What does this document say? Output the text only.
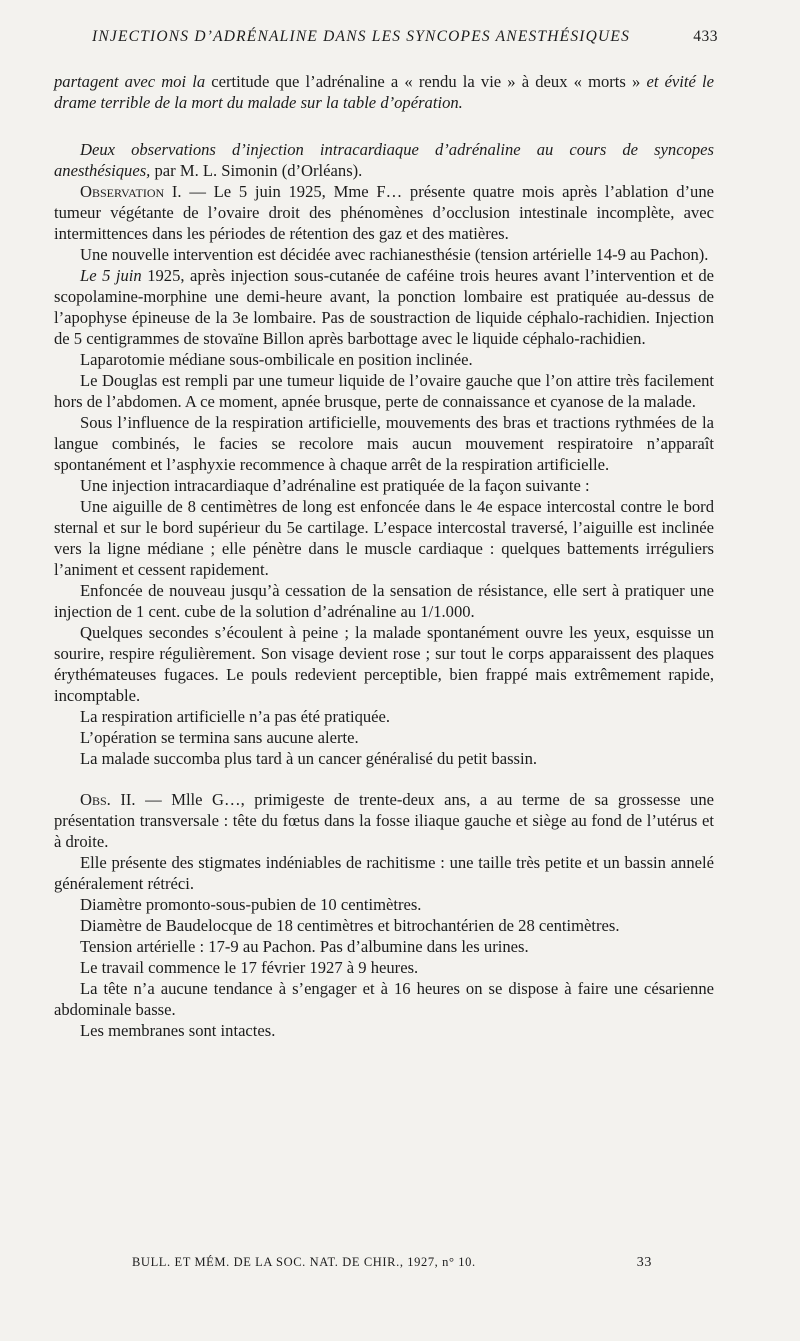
INJECTIONS D’ADRÉNALINE DANS LES SYNCOPES ANESTHÉSIQUES	433

partagent avec moi la certitude que l’adrénaline a « rendu la vie » à deux « morts » et évité le drame terrible de la mort du malade sur la table d’opération.

Deux observations d’injection intracardiaque d’adrénaline au cours de syncopes anesthésiques, par M. L. Simonin (d’Orléans).

Observation I. — Le 5 juin 1925, Mme F… présente quatre mois après l’ablation d’une tumeur végétante de l’ovaire droit des phénomènes d’occlusion intestinale incomplète, avec intermittences dans les périodes de rétention des gaz et des matières.

Une nouvelle intervention est décidée avec rachianesthésie (tension artérielle 14-9 au Pachon).

Le 5 juin 1925, après injection sous-cutanée de caféine trois heures avant l’intervention et de scopolamine-morphine une demi-heure avant, la ponction lombaire est pratiquée au-dessus de l’apophyse épineuse de la 3e lombaire. Pas de soustraction de liquide céphalo-rachidien. Injection de 5 centigrammes de stovaïne Billon après barbottage avec le liquide céphalo-rachidien.

Laparotomie médiane sous-ombilicale en position inclinée.

Le Douglas est rempli par une tumeur liquide de l’ovaire gauche que l’on attire très facilement hors de l’abdomen. A ce moment, apnée brusque, perte de connaissance et cyanose de la malade.

Sous l’influence de la respiration artificielle, mouvements des bras et tractions rythmées de la langue combinés, le facies se recolore mais aucun mouvement respiratoire n’apparaît spontanément et l’asphyxie recommence à chaque arrêt de la respiration artificielle.

Une injection intracardiaque d’adrénaline est pratiquée de la façon suivante :

Une aiguille de 8 centimètres de long est enfoncée dans le 4e espace intercostal contre le bord sternal et sur le bord supérieur du 5e cartilage. L’espace intercostal traversé, l’aiguille est inclinée vers la ligne médiane ; elle pénètre dans le muscle cardiaque : quelques battements irréguliers l’animent et cessent rapidement.

Enfoncée de nouveau jusqu’à cessation de la sensation de résistance, elle sert à pratiquer une injection de 1 cent. cube de la solution d’adrénaline au 1/1.000.

Quelques secondes s’écoulent à peine ; la malade spontanément ouvre les yeux, esquisse un sourire, respire régulièrement. Son visage devient rose ; sur tout le corps apparaissent des plaques érythémateuses fugaces. Le pouls redevient perceptible, bien frappé mais extrêmement rapide, incomptable.

La respiration artificielle n’a pas été pratiquée.

L’opération se termina sans aucune alerte.

La malade succomba plus tard à un cancer généralisé du petit bassin.

Obs. II. — Mlle G…, primigeste de trente-deux ans, a au terme de sa grossesse une présentation transversale : tête du fœtus dans la fosse iliaque gauche et siège au fond de l’utérus et à droite.

Elle présente des stigmates indéniables de rachitisme : une taille très petite et un bassin annelé généralement rétréci.

Diamètre promonto-sous-pubien de 10 centimètres.

Diamètre de Baudelocque de 18 centimètres et bitrochantérien de 28 centimètres.

Tension artérielle : 17-9 au Pachon. Pas d’albumine dans les urines.

Le travail commence le 17 février 1927 à 9 heures.

La tête n’a aucune tendance à s’engager et à 16 heures on se dispose à faire une césarienne abdominale basse.

Les membranes sont intactes.

BULL. ET MÉM. DE LA SOC. NAT. DE CHIR., 1927, n° 10.	33
